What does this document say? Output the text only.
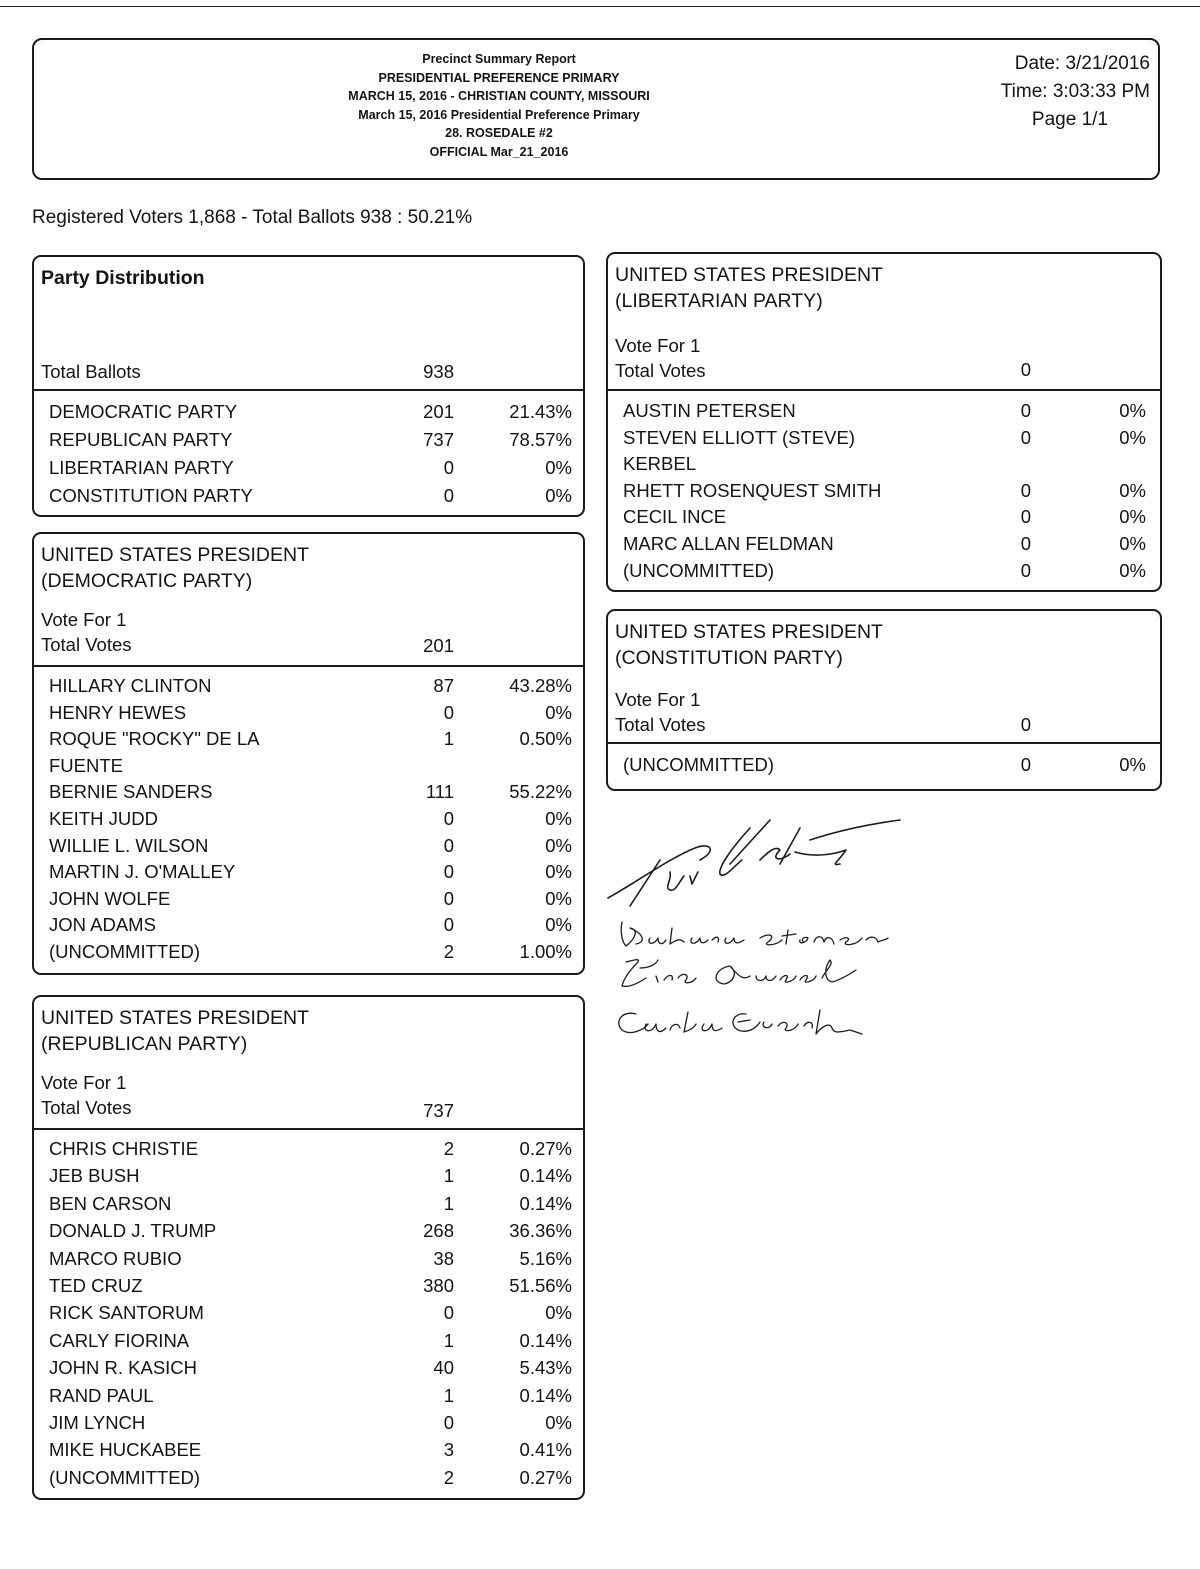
Precinct Summary Report
PRESIDENTIAL PREFERENCE PRIMARY
MARCH 15, 2016 - CHRISTIAN COUNTY, MISSOURI
March 15, 2016 Presidential Preference Primary
28. ROSEDALE #2
OFFICIAL Mar_21_2016
Date: 3/21/2016
Time: 3:03:33 PM
Page 1/1
Registered Voters 1,868 - Total Ballots 938 : 50.21%
Party Distribution
Total Ballots	938
DEMOCRATIC PARTY	201	21.43%
REPUBLICAN PARTY	737	78.57%
LIBERTARIAN PARTY	0	0%
CONSTITUTION PARTY	0	0%
UNITED STATES PRESIDENT
(DEMOCRATIC PARTY)
Vote For 1
Total Votes	201
HILLARY CLINTON	87	43.28%
HENRY HEWES	0	0%
ROQUE "ROCKY" DE LA	1	0.50%
FUENTE
BERNIE SANDERS	111	55.22%
KEITH JUDD	0	0%
WILLIE L. WILSON	0	0%
MARTIN J. O'MALLEY	0	0%
JOHN WOLFE	0	0%
JON ADAMS	0	0%
(UNCOMMITTED)	2	1.00%
UNITED STATES PRESIDENT
(REPUBLICAN PARTY)
Vote For 1
Total Votes	737
CHRIS CHRISTIE	2	0.27%
JEB BUSH	1	0.14%
BEN CARSON	1	0.14%
DONALD J. TRUMP	268	36.36%
MARCO RUBIO	38	5.16%
TED CRUZ	380	51.56%
RICK SANTORUM	0	0%
CARLY FIORINA	1	0.14%
JOHN R. KASICH	40	5.43%
RAND PAUL	1	0.14%
JIM LYNCH	0	0%
MIKE HUCKABEE	3	0.41%
(UNCOMMITTED)	2	0.27%
UNITED STATES PRESIDENT
(LIBERTARIAN PARTY)
Vote For 1
Total Votes	0
AUSTIN PETERSEN	0	0%
STEVEN ELLIOTT (STEVE)	0	0%
KERBEL
RHETT ROSENQUEST SMITH	0	0%
CECIL INCE	0	0%
MARC ALLAN FELDMAN	0	0%
(UNCOMMITTED)	0	0%
UNITED STATES PRESIDENT
(CONSTITUTION PARTY)
Vote For 1
Total Votes	0
(UNCOMMITTED)	0	0%
